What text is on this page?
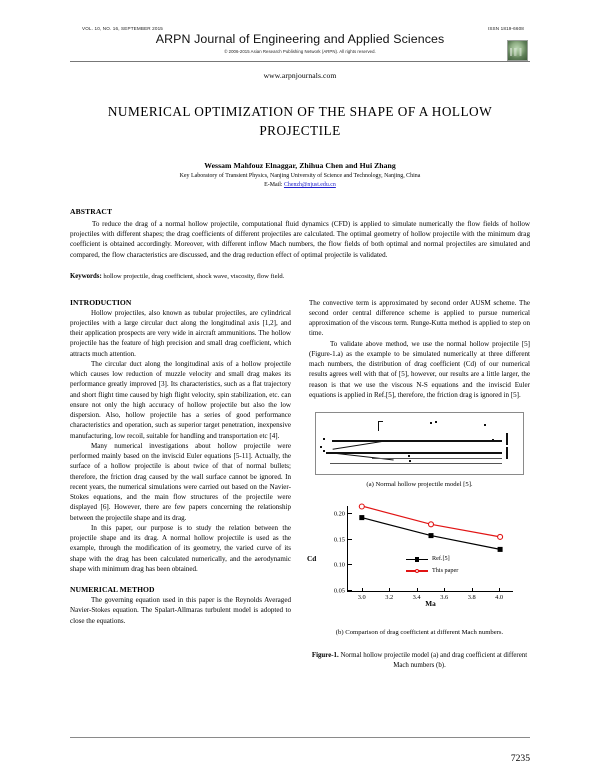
VOL. 10, NO. 16, SEPTEMBER 2015	ISSN 1819-6608
ARPN Journal of Engineering and Applied Sciences
© 2006-2015 Asian Research Publishing Network (ARPN). All rights reserved.
www.arpnjournals.com
NUMERICAL OPTIMIZATION OF THE SHAPE OF A HOLLOW PROJECTILE
Wessam Mahfouz Elnaggar, Zhihua Chen and Hui Zhang
Key Laboratory of Transient Physics, Nanjing University of Science and Technology, Nanjing, China
E-Mail: Chenzh@njust.edu.cn
ABSTRACT
To reduce the drag of a normal hollow projectile, computational fluid dynamics (CFD) is applied to simulate numerically the flow fields of hollow projectiles with different shapes; the drag coefficients of different projectiles are calculated. The optimal geometry of hollow projectile with the minimum drag coefficient is obtained accordingly. Moreover, with different inflow Mach numbers, the flow fields of both optimal and normal projectiles are simulated and compared, the flow characteristics are discussed, and the drag reduction effect of optimal projectile is validated.
Keywords: hollow projectile, drag coefficient, shock wave, viscosity, flow field.
INTRODUCTION

Hollow projectiles, also known as tubular projectiles, are cylindrical projectiles with a large circular duct along the longitudinal axis [1,2], and their application prospects are very wide in aircraft ammunitions. The hollow projectile has the feature of high precision and small drag coefficient, which attracts much attention.

The circular duct along the longitudinal axis of a hollow projectile which causes low reduction of muzzle velocity and small drag makes its performance greatly improved [3]. Its characteristics, such as a flat trajectory and short flight time caused by high flight velocity, spin stabilization, etc. can ensure not only the high accuracy of hollow projectile but also the low dispersion. Also, hollow projectile has a series of good performance characteristics and operation, such as superior target penetration, inexpensive manufacturing, low recoil, suitable for handling and transportation etc [4].

Many numerical investigations about hollow projectile were performed mainly based on the inviscid Euler equations [5-11]. Actually, the surface of a hollow projectile is about twice of that of normal bullets; therefore, the friction drag caused by the wall surface cannot be ignored. In recent years, the numerical simulations were carried out based on the Navier-Stokes equations, and the main flow structures of the projectile were displayed [6]. However, there are few papers concerning the relationship between the projectile shape and its drag.

In this paper, our purpose is to study the relation between the projectile shape and its drag. A normal hollow projectile is used as the example, through the modification of its geometry, the varied curve of its shape with the drag has been calculated numerically, and the aerodynamic shape with minimum drag has been obtained.

NUMERICAL METHOD

The governing equation used in this paper is the Reynolds Averaged Navier-Stokes equation. The Spalart-Allmaras turbulent model is adopted to close the equations.

The convective term is approximated by second order AUSM scheme. The second order central difference scheme is applied to pursue numerical approximation of the viscous term. Runge-Kutta method is applied to step on time.

To validate above method, we use the normal hollow projectile [5] (Figure-1.a) as the example to be simulated numerically at three different mach numbers, the distribution of drag coefficient (Cd) of our numerical results agrees well with that of [5], however, our results are a little larger, the reason is that we use the viscous N-S equations and the inviscid Euler equations is applied in Ref.[5], therefore, the friction drag is ignored in [5].

(a) Normal hollow projectile model [5].
0.05
0.10
0.15
0.20
3.0	3.2	3.4	3.6	3.8	4.0
Ref.[5]
This paper
Ma
Cd
(b) Comparison of drag coefficient at different Mach numbers.
Figure-1. Normal hollow projectile model (a) and drag coefficient at different Mach numbers (b).
7235
